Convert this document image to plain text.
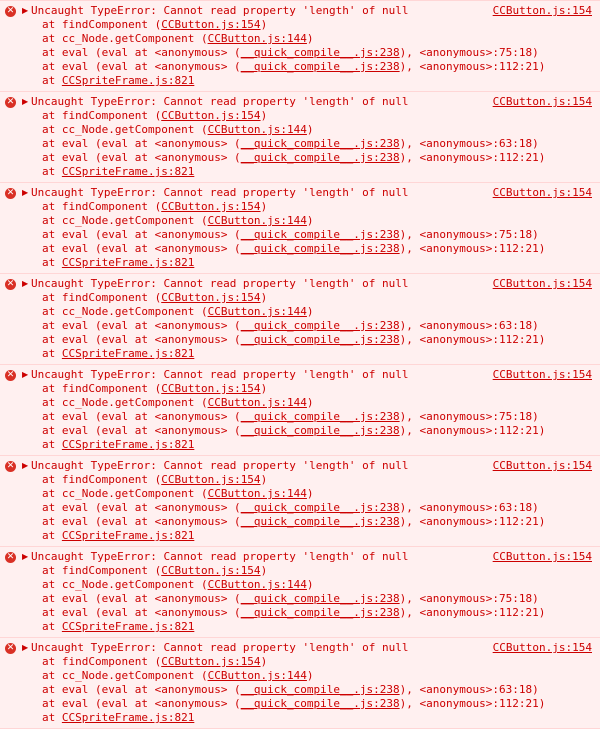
✕ ▶ Uncaught TypeError: Cannot read property 'length' of null	CCButton.js:154
at findComponent (CCButton.js:154)
at cc_Node.getComponent (CCButton.js:144)
at eval (eval at <anonymous> (__quick_compile__.js:238), <anonymous>:75:18)
at eval (eval at <anonymous> (__quick_compile__.js:238), <anonymous>:112:21)
at CCSpriteFrame.js:821
✕ ▶ Uncaught TypeError: Cannot read property 'length' of null	CCButton.js:154
at findComponent (CCButton.js:154)
at cc_Node.getComponent (CCButton.js:144)
at eval (eval at <anonymous> (__quick_compile__.js:238), <anonymous>:63:18)
at eval (eval at <anonymous> (__quick_compile__.js:238), <anonymous>:112:21)
at CCSpriteFrame.js:821
✕ ▶ Uncaught TypeError: Cannot read property 'length' of null	CCButton.js:154
at findComponent (CCButton.js:154)
at cc_Node.getComponent (CCButton.js:144)
at eval (eval at <anonymous> (__quick_compile__.js:238), <anonymous>:75:18)
at eval (eval at <anonymous> (__quick_compile__.js:238), <anonymous>:112:21)
at CCSpriteFrame.js:821
✕ ▶ Uncaught TypeError: Cannot read property 'length' of null	CCButton.js:154
at findComponent (CCButton.js:154)
at cc_Node.getComponent (CCButton.js:144)
at eval (eval at <anonymous> (__quick_compile__.js:238), <anonymous>:63:18)
at eval (eval at <anonymous> (__quick_compile__.js:238), <anonymous>:112:21)
at CCSpriteFrame.js:821
✕ ▶ Uncaught TypeError: Cannot read property 'length' of null	CCButton.js:154
at findComponent (CCButton.js:154)
at cc_Node.getComponent (CCButton.js:144)
at eval (eval at <anonymous> (__quick_compile__.js:238), <anonymous>:75:18)
at eval (eval at <anonymous> (__quick_compile__.js:238), <anonymous>:112:21)
at CCSpriteFrame.js:821
✕ ▶ Uncaught TypeError: Cannot read property 'length' of null	CCButton.js:154
at findComponent (CCButton.js:154)
at cc_Node.getComponent (CCButton.js:144)
at eval (eval at <anonymous> (__quick_compile__.js:238), <anonymous>:63:18)
at eval (eval at <anonymous> (__quick_compile__.js:238), <anonymous>:112:21)
at CCSpriteFrame.js:821
✕ ▶ Uncaught TypeError: Cannot read property 'length' of null	CCButton.js:154
at findComponent (CCButton.js:154)
at cc_Node.getComponent (CCButton.js:144)
at eval (eval at <anonymous> (__quick_compile__.js:238), <anonymous>:75:18)
at eval (eval at <anonymous> (__quick_compile__.js:238), <anonymous>:112:21)
at CCSpriteFrame.js:821
✕ ▶ Uncaught TypeError: Cannot read property 'length' of null	CCButton.js:154
at findComponent (CCButton.js:154)
at cc_Node.getComponent (CCButton.js:144)
at eval (eval at <anonymous> (__quick_compile__.js:238), <anonymous>:63:18)
at eval (eval at <anonymous> (__quick_compile__.js:238), <anonymous>:112:21)
at CCSpriteFrame.js:821
